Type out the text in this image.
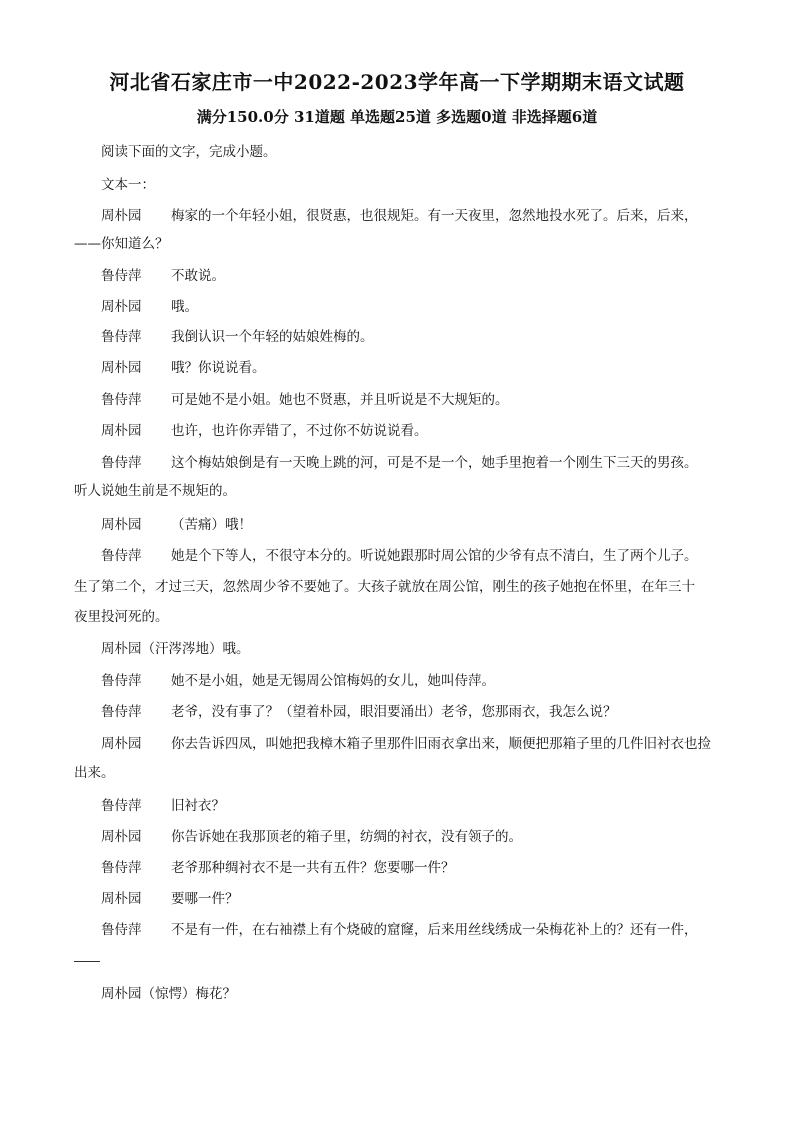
河北省石家庄市一中2022-2023学年高一下学期期末语文试题
满分150.0分 31道题 单选题25道 多选题0道 非选择题6道
阅读下面的文字，完成小题。
文本一：
周朴园 梅家的一个年轻小姐，很贤惠，也很规矩。有一天夜里，忽然地投水死了。后来，后来，
——你知道么？
鲁侍萍 不敢说。
周朴园 哦。
鲁侍萍 我倒认识一个年轻的姑娘姓梅的。
周朴园 哦？你说说看。
鲁侍萍 可是她不是小姐。她也不贤惠，并且听说是不大规矩的。
周朴园 也许，也许你弄错了，不过你不妨说说看。
鲁侍萍 这个梅姑娘倒是有一天晚上跳的河，可是不是一个，她手里抱着一个刚生下三天的男孩。
听人说她生前是不规矩的。
周朴园 （苦痛）哦！
鲁侍萍 她是个下等人，不很守本分的。听说她跟那时周公馆的少爷有点不清白，生了两个儿子。
生了第二个，才过三天，忽然周少爷不要她了。大孩子就放在周公馆，刚生的孩子她抱在怀里，在年三十
夜里投河死的。
周朴园（汗涔涔地）哦。
鲁侍萍 她不是小姐，她是无锡周公馆梅妈的女儿，她叫侍萍。
鲁侍萍 老爷，没有事了？（望着朴园，眼泪要涌出）老爷，您那雨衣，我怎么说？
周朴园 你去告诉四凤，叫她把我樟木箱子里那件旧雨衣拿出来，顺便把那箱子里的几件旧衬衣也捡
出来。
鲁侍萍 旧衬衣？
周朴园 你告诉她在我那顶老的箱子里，纺绸的衬衣，没有领子的。
鲁侍萍 老爷那种绸衬衣不是一共有五件？您要哪一件？
周朴园 要哪一件？
鲁侍萍 不是有一件，在右袖襟上有个烧破的窟窿，后来用丝线绣成一朵梅花补上的？还有一件，
周朴园（惊愕）梅花？
